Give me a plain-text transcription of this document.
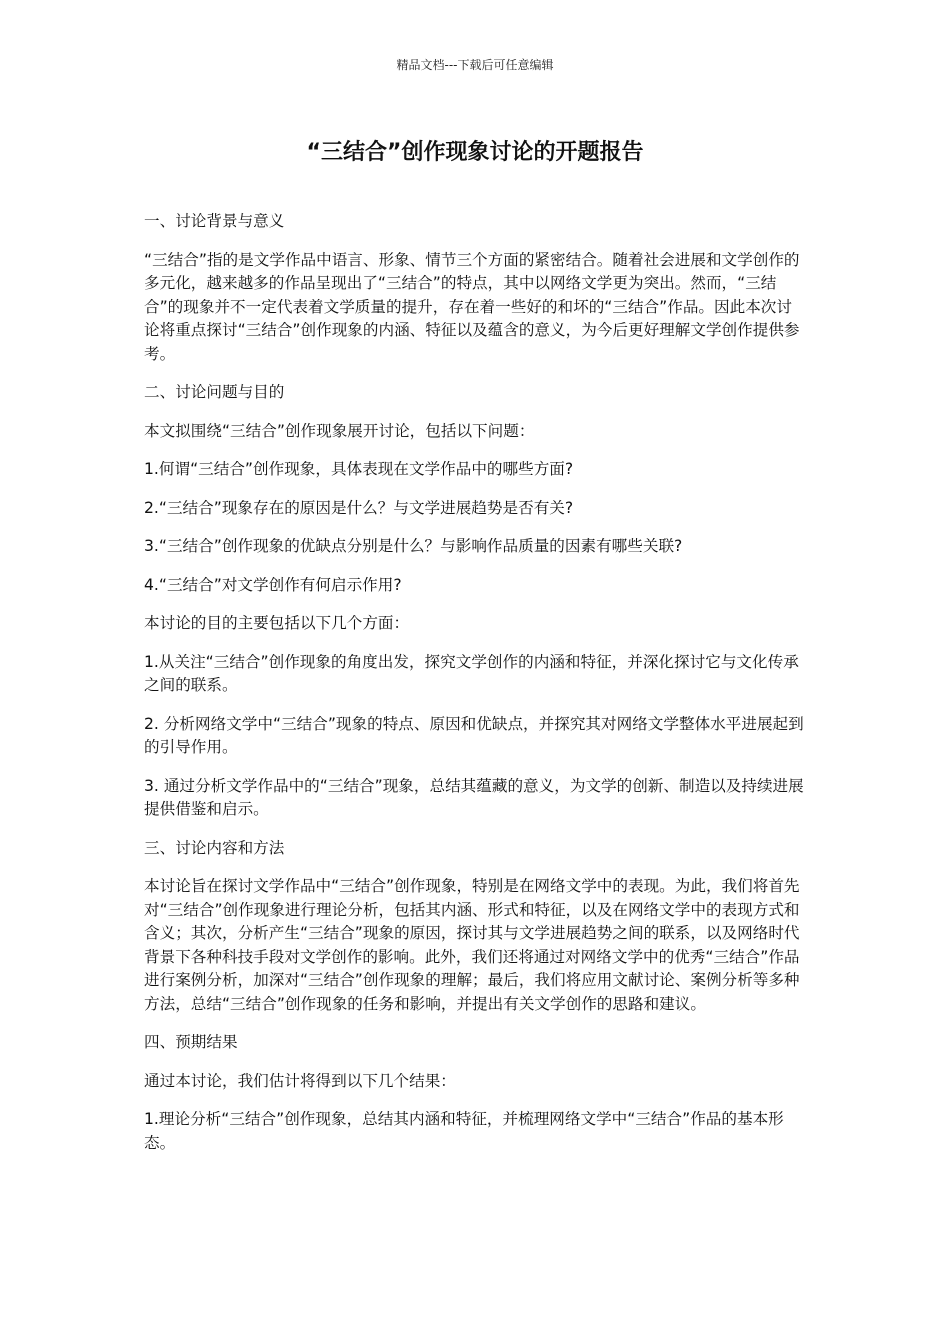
精品文档---下载后可任意编辑
“三结合”创作现象讨论的开题报告

一、讨论背景与意义

“三结合”指的是文学作品中语言、形象、情节三个方面的紧密结合。随着社会进展和文学创作的多元化，越来越多的作品呈现出了“三结合”的特点，其中以网络文学更为突出。然而，“三结合”的现象并不一定代表着文学质量的提升，存在着一些好的和坏的“三结合”作品。因此本次讨论将重点探讨“三结合”创作现象的内涵、特征以及蕴含的意义，为今后更好理解文学创作提供参考。

二、讨论问题与目的

本文拟围绕“三结合”创作现象展开讨论，包括以下问题：

1.何谓“三结合”创作现象，具体表现在文学作品中的哪些方面?

2.“三结合”现象存在的原因是什么？与文学进展趋势是否有关?

3.“三结合”创作现象的优缺点分别是什么？与影响作品质量的因素有哪些关联?

4.“三结合”对文学创作有何启示作用?

本讨论的目的主要包括以下几个方面：

1.从关注“三结合”创作现象的角度出发，探究文学创作的内涵和特征，并深化探讨它与文化传承之间的联系。

2. 分析网络文学中“三结合”现象的特点、原因和优缺点，并探究其对网络文学整体水平进展起到的引导作用。

3. 通过分析文学作品中的“三结合”现象，总结其蕴藏的意义，为文学的创新、制造以及持续进展提供借鉴和启示。

三、讨论内容和方法

本讨论旨在探讨文学作品中“三结合”创作现象，特别是在网络文学中的表现。为此，我们将首先对“三结合”创作现象进行理论分析，包括其内涵、形式和特征，以及在网络文学中的表现方式和含义；其次，分析产生“三结合”现象的原因，探讨其与文学进展趋势之间的联系，以及网络时代背景下各种科技手段对文学创作的影响。此外，我们还将通过对网络文学中的优秀“三结合”作品进行案例分析，加深对“三结合”创作现象的理解；最后，我们将应用文献讨论、案例分析等多种方法，总结“三结合”创作现象的任务和影响，并提出有关文学创作的思路和建议。

四、预期结果

通过本讨论，我们估计将得到以下几个结果：

1.理论分析“三结合”创作现象，总结其内涵和特征，并梳理网络文学中“三结合”作品的基本形态。
